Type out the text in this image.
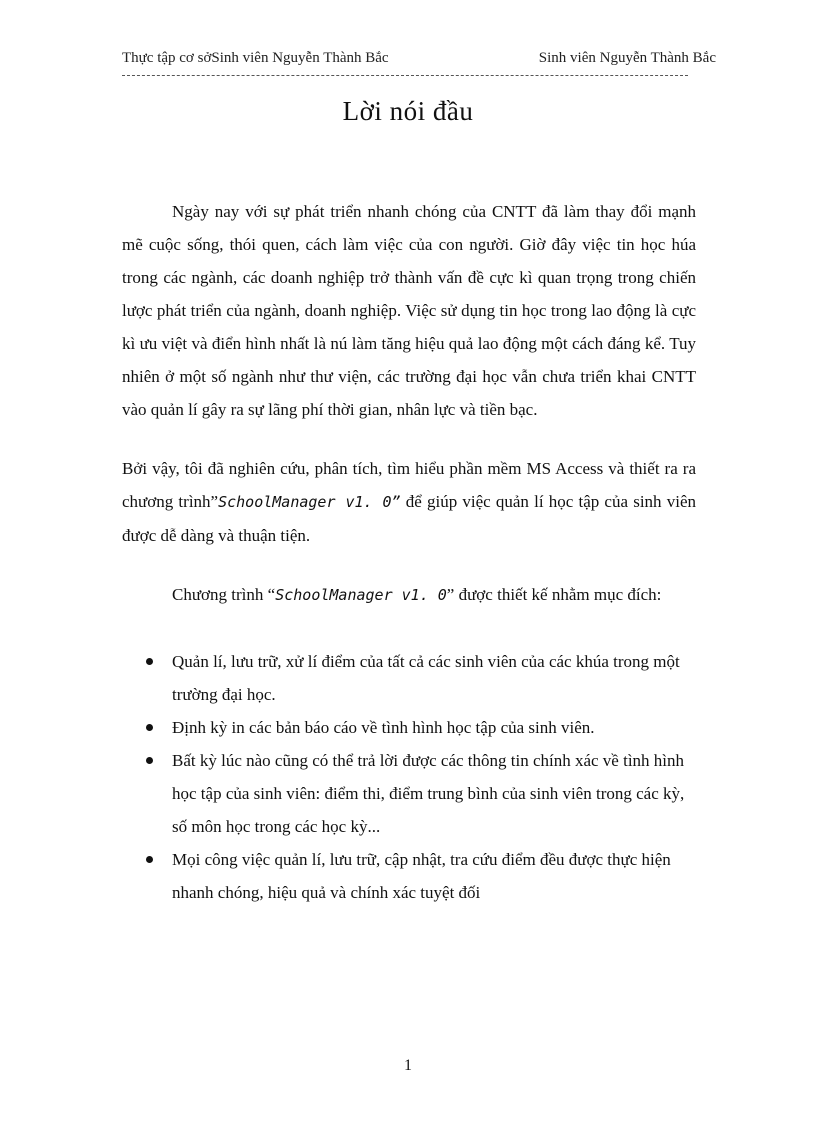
Thực tập cơ sởSinh viên Nguyễn Thành Bắc	Sinh viên Nguyễn Thành Bắc
Lời nói đầu
Ngày nay với sự phát triển nhanh chóng của CNTT đã làm thay đổi mạnh mẽ cuộc sống, thói quen, cách làm việc của con người. Giờ đây việc tin học húa trong các ngành, các doanh nghiệp trở thành vấn đề cực kì quan trọng trong chiến lược phát triển của ngành, doanh nghiệp. Việc sử dụng tin học trong lao động là cực kì ưu việt và điển hình nhất là nú làm tăng hiệu quả lao động một cách đáng kể. Tuy nhiên ở một số ngành như thư viện, các trường đại học vẫn chưa triển khai CNTT vào quản lí gây ra sự lãng phí thời gian, nhân lực và tiền bạc.
Bởi vậy, tôi đã nghiên cứu, phân tích, tìm hiểu phần mềm MS Access và thiết ra ra chương trình”SchoolManager v1. 0” để giúp việc quản lí học tập của sinh viên được dễ dàng và thuận tiện.
Chương trình “SchoolManager v1. 0” được thiết kế nhằm mục đích:
Quản lí, lưu trữ, xử lí điểm của tất cả các sinh viên của các khúa trong một trường đại học.
Định kỳ in các bản báo cáo về tình hình học tập của sinh viên.
Bất kỳ lúc nào cũng có thể trả lời được các thông tin chính xác về tình hình học tập của sinh viên: điểm thi, điểm trung bình của sinh viên trong các kỳ, số môn học trong các học kỳ...
Mọi công việc quản lí, lưu trữ, cập nhật, tra cứu điểm đều được thực hiện nhanh chóng, hiệu quả và chính xác tuyệt đối
1
